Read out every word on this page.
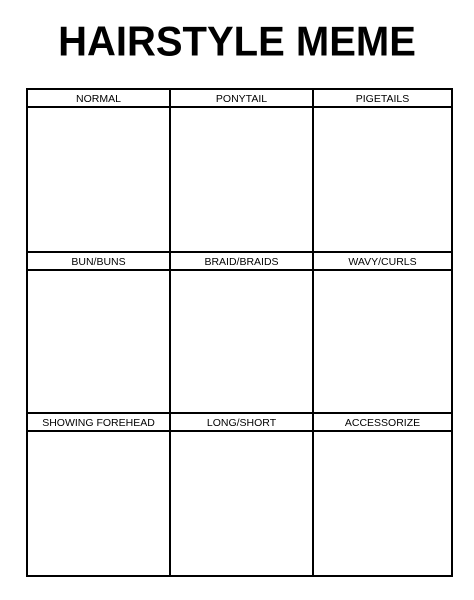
HAIRSTYLE MEME
NORMAL	PONYTAIL	PIGETAILS
BUN/BUNS	BRAID/BRAIDS	WAVY/CURLS
SHOWING FOREHEAD	LONG/SHORT	ACCESSORIZE
